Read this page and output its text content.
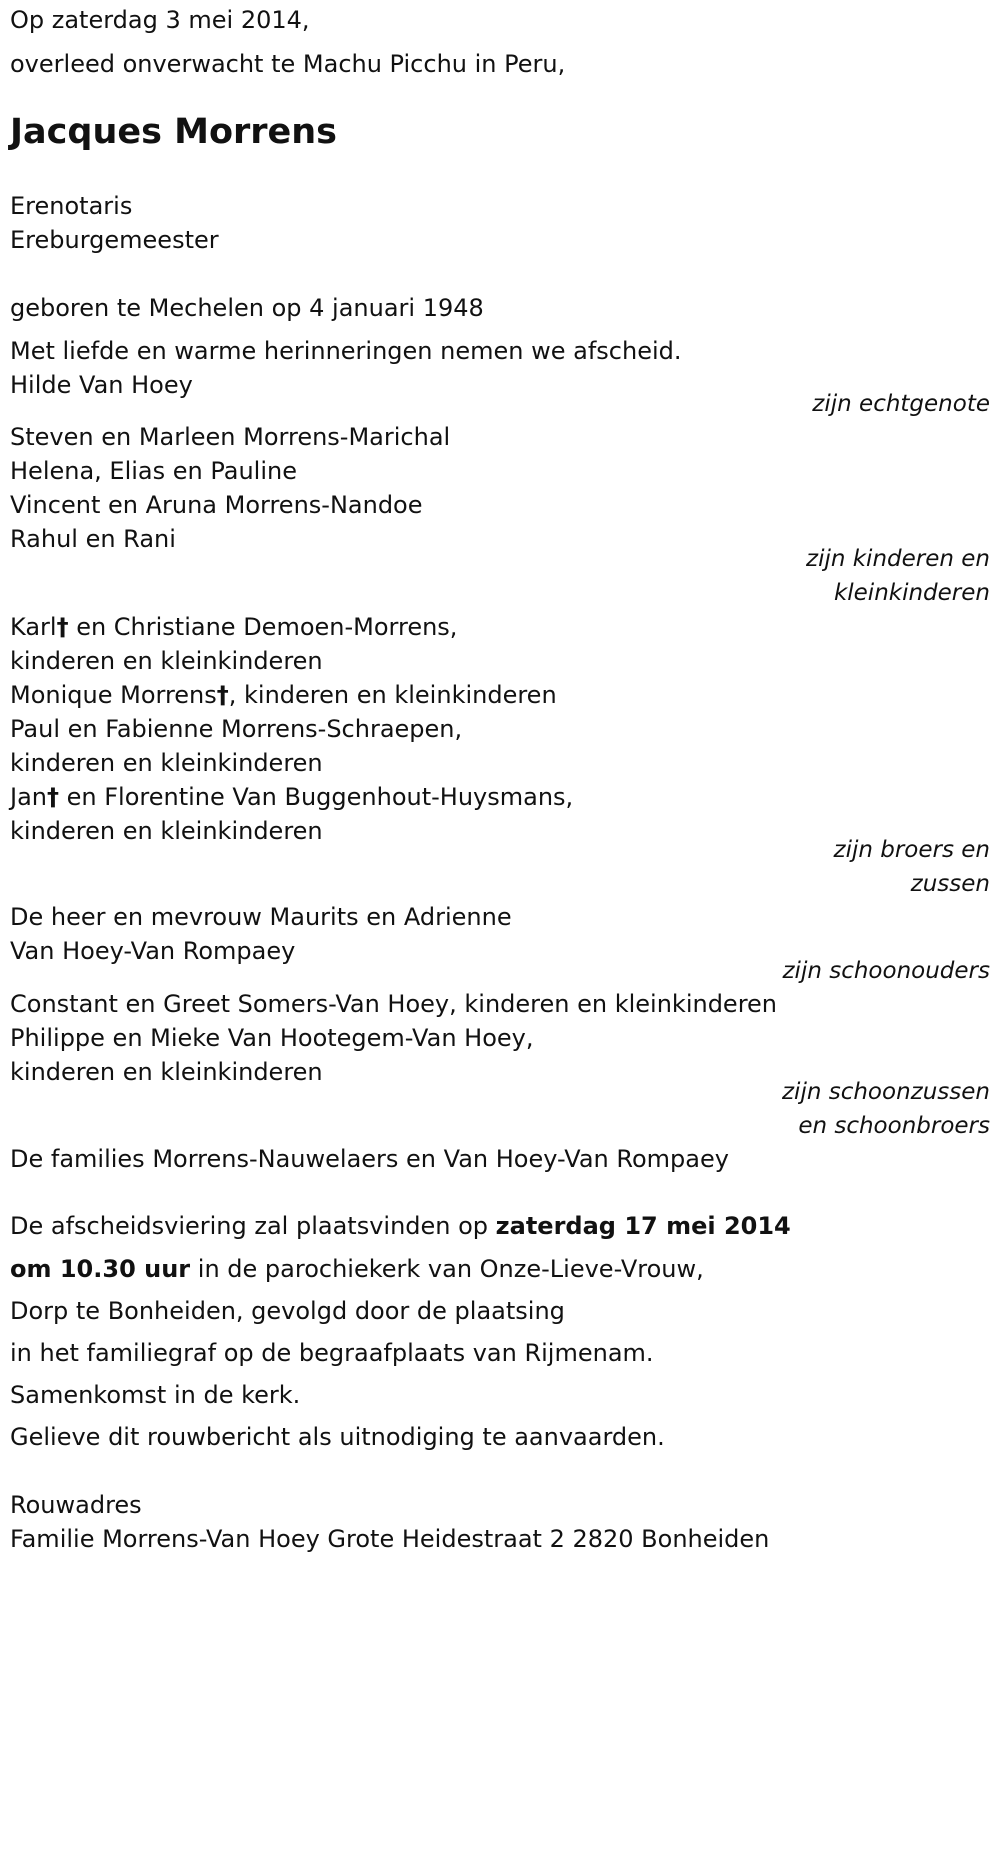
Op zaterdag 3 mei 2014,
overleed onverwacht te Machu Picchu in Peru,
Jacques Morrens
Erenotaris
Ereburgemeester
geboren te Mechelen op 4 januari 1948
Met liefde en warme herinneringen nemen we afscheid.
Hilde Van Hoey
zijn echtgenote
Steven en Marleen Morrens-Marichal
Helena, Elias en Pauline
Vincent en Aruna Morrens-Nandoe
Rahul en Rani
zijn kinderen en
kleinkinderen
Karl† en Christiane Demoen-Morrens,
kinderen en kleinkinderen
Monique Morrens†, kinderen en kleinkinderen
Paul en Fabienne Morrens-Schraepen,
kinderen en kleinkinderen
Jan† en Florentine Van Buggenhout-Huysmans,
kinderen en kleinkinderen
zijn broers en
zussen
De heer en mevrouw Maurits en Adrienne
Van Hoey-Van Rompaey
zijn schoonouders
Constant en Greet Somers-Van Hoey, kinderen en kleinkinderen
Philippe en Mieke Van Hootegem-Van Hoey,
kinderen en kleinkinderen
zijn schoonzussen
en schoonbroers
De families Morrens-Nauwelaers en Van Hoey-Van Rompaey
De afscheidsviering zal plaatsvinden op zaterdag 17 mei 2014
om 10.30 uur in de parochiekerk van Onze-Lieve-Vrouw,
Dorp te Bonheiden, gevolgd door de plaatsing
in het familiegraf op de begraafplaats van Rijmenam.
Samenkomst in de kerk.
Gelieve dit rouwbericht als uitnodiging te aanvaarden.
Rouwadres
Familie Morrens-Van Hoey Grote Heidestraat 2 2820 Bonheiden
